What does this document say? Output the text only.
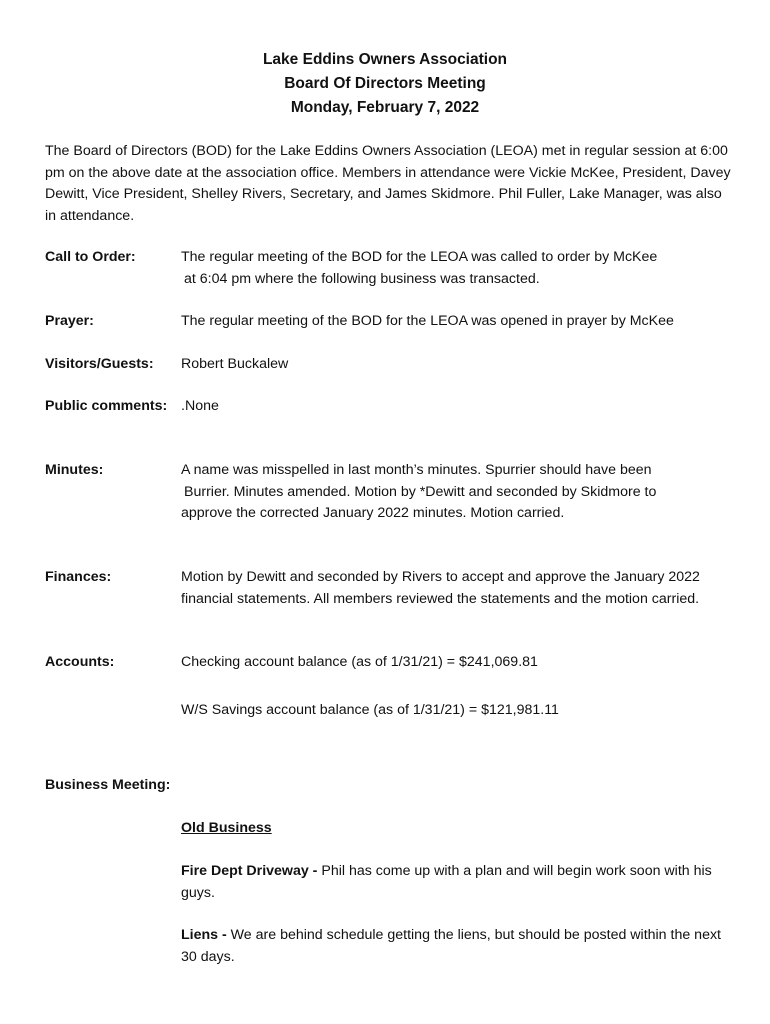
Lake Eddins Owners Association
Board Of Directors Meeting
Monday, February 7, 2022
The Board of Directors (BOD) for the Lake Eddins Owners Association (LEOA) met in regular session at 6:00 pm on the above date at the association office. Members in attendance were Vickie McKee, President, Davey Dewitt, Vice President, Shelley Rivers, Secretary, and James Skidmore. Phil Fuller, Lake Manager, was also in attendance.
Call to Order:	The regular meeting of the BOD for the LEOA was called to order by McKee
at 6:04 pm where the following business was transacted.
Prayer:	The regular meeting of the BOD for the LEOA was opened in prayer by McKee
Visitors/Guests: Robert Buckalew
Public comments: .None
Minutes:	A name was misspelled in last month’s minutes. Spurrier should have been
Burrier. Minutes amended. Motion by *Dewitt and seconded by Skidmore to
approve the corrected January 2022 minutes. Motion carried.
Finances:	Motion by Dewitt and seconded by Rivers to accept and approve the January 2022 financial statements. All members reviewed the statements and the motion carried.
Accounts:	Checking account balance (as of 1/31/21) = $241,069.81
W/S Savings account balance (as of 1/31/21) = $121,981.11
Business Meeting:
Old Business
Fire Dept Driveway - Phil has come up with a plan and will begin work soon with his guys.
Liens - We are behind schedule getting the liens, but should be posted within the next 30 days.
